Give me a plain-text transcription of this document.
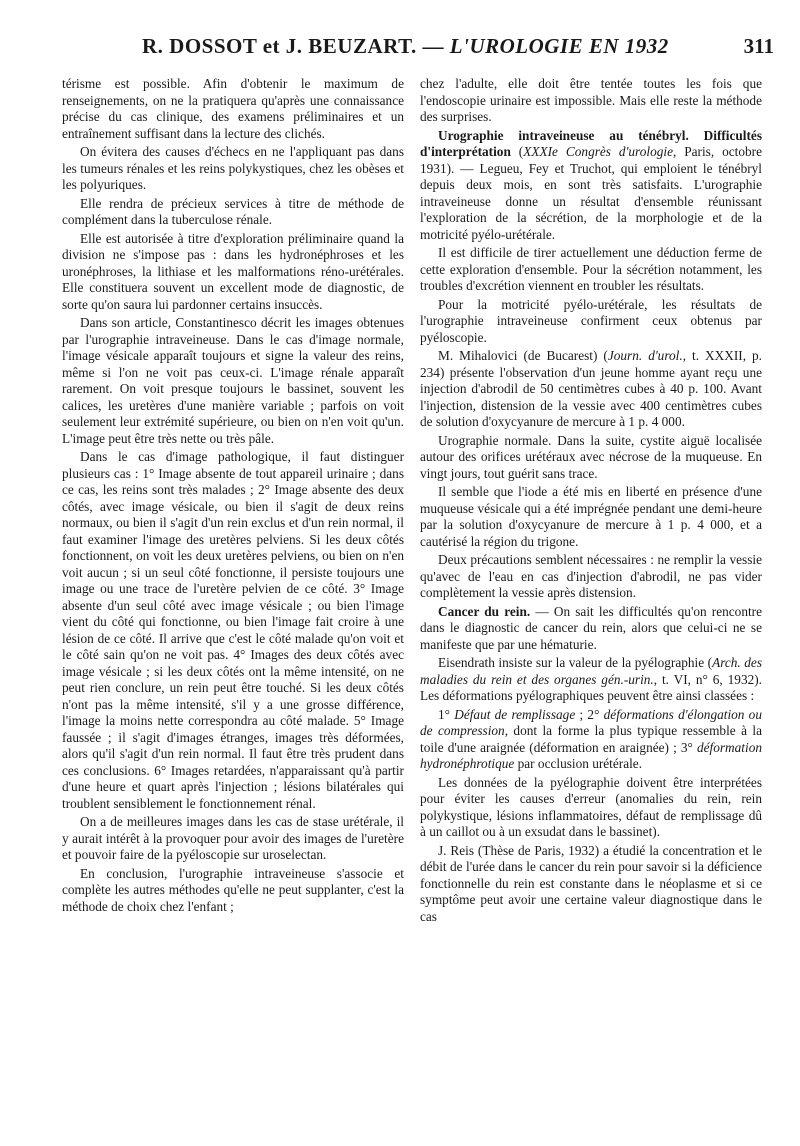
R. DOSSOT et J. BEUZART. — L'UROLOGIE EN 1932	311

térisme est possible. Afin d'obtenir le maximum de renseignements, on ne la pratiquera qu'après une connaissance précise du cas clinique, des examens préliminaires et un entraînement suffisant dans la lecture des clichés.

On évitera des causes d'échecs en ne l'appliquant pas dans les tumeurs rénales et les reins polykystiques, chez les obèses et les polyuriques.

Elle rendra de précieux services à titre de méthode de complément dans la tuberculose rénale.

Elle est autorisée à titre d'exploration préliminaire quand la division ne s'impose pas : dans les hydronéphroses et les uronéphroses, la lithiase et les malformations réno-urétérales. Elle constituera souvent un excellent mode de diagnostic, de sorte qu'on saura lui pardonner certains insuccès.

Dans son article, Constantinesco décrit les images obtenues par l'urographie intraveineuse. Dans le cas d'image normale, l'image vésicale apparaît toujours et signe la valeur des reins, même si l'on ne voit pas ceux-ci. L'image rénale apparaît rarement. On voit presque toujours le bassinet, souvent les calices, les uretères d'une manière variable ; parfois on voit seulement leur extrémité supérieure, ou bien on n'en voit qu'un. L'image peut être très nette ou très pâle.

Dans le cas d'image pathologique, il faut distinguer plusieurs cas : 1° Image absente de tout appareil urinaire ; dans ce cas, les reins sont très malades ; 2° Image absente des deux côtés, avec image vésicale, ou bien il s'agit de deux reins normaux, ou bien il s'agit d'un rein exclus et d'un rein normal, il faut examiner l'image des uretères pelviens. Si les deux côtés fonctionnent, on voit les deux uretères pelviens, ou bien on n'en voit aucun ; si un seul côté fonctionne, il persiste toujours une image ou une trace de l'uretère pelvien de ce côté. 3° Image absente d'un seul côté avec image vésicale ; ou bien l'image vient du côté qui fonctionne, ou bien l'image fait croire à une lésion de ce côté. Il arrive que c'est le côté malade qu'on voit et le côté sain qu'on ne voit pas. 4° Images des deux côtés avec image vésicale ; si les deux côtés ont la même intensité, on ne peut rien conclure, un rein peut être touché. Si les deux côtés n'ont pas la même intensité, s'il y a une grosse différence, l'image la moins nette correspondra au côté malade. 5° Image faussée ; il s'agit d'images étranges, images très déformées, alors qu'il s'agit d'un rein normal. Il faut être très prudent dans ces conclusions. 6° Images retardées, n'apparaissant qu'à partir d'une heure et quart après l'injection ; lésions bilatérales qui troublent sensiblement le fonctionnement rénal.

On a de meilleures images dans les cas de stase urétérale, il y aurait intérêt à la provoquer pour avoir des images de l'uretère et pouvoir faire de la pyéloscopie sur uroselectan.

En conclusion, l'urographie intraveineuse s'associe et complète les autres méthodes qu'elle ne peut supplanter, c'est la méthode de choix chez l'enfant ;

chez l'adulte, elle doit être tentée toutes les fois que l'endoscopie urinaire est impossible. Mais elle reste la méthode des surprises.

Urographie intraveineuse au ténébryl. Difficultés d'interprétation (XXXIe Congrès d'urologie, Paris, octobre 1931). — Legueu, Fey et Truchot, qui emploient le ténébryl depuis deux mois, en sont très satisfaits. L'urographie intraveineuse donne un résultat d'ensemble réunissant l'exploration de la sécrétion, de la morphologie et de la motricité pyélo-urétérale.

Il est difficile de tirer actuellement une déduction ferme de cette exploration d'ensemble. Pour la sécrétion notamment, les troubles d'excrétion viennent en troubler les résultats.

Pour la motricité pyélo-urétérale, les résultats de l'urographie intraveineuse confirment ceux obtenus par pyéloscopie.

M. Mihalovici (de Bucarest) (Journ. d'urol., t. XXXII, p. 234) présente l'observation d'un jeune homme ayant reçu une injection d'abrodil de 50 centimètres cubes à 40 p. 100. Avant l'injection, distension de la vessie avec 400 centimètres cubes de solution d'oxycyanure de mercure à 1 p. 4 000.

Urographie normale. Dans la suite, cystite aiguë localisée autour des orifices urétéraux avec nécrose de la muqueuse. En vingt jours, tout guérit sans trace.

Il semble que l'iode a été mis en liberté en présence d'une muqueuse vésicale qui a été imprégnée pendant une demi-heure par la solution d'oxycyanure de mercure à 1 p. 4 000, et a cautérisé la région du trigone.

Deux précautions semblent nécessaires : ne remplir la vessie qu'avec de l'eau en cas d'injection d'abrodil, ne pas vider complètement la vessie après distension.

Cancer du rein. — On sait les difficultés qu'on rencontre dans le diagnostic de cancer du rein, alors que celui-ci ne se manifeste que par une hématurie.

Eisendrath insiste sur la valeur de la pyélographie (Arch. des maladies du rein et des organes gén.-urin., t. VI, n° 6, 1932). Les déformations pyélographiques peuvent être ainsi classées :

1° Défaut de remplissage ; 2° déformations d'élongation ou de compression, dont la forme la plus typique ressemble à la toile d'une araignée (déformation en araignée) ; 3° déformation hydronéphrotique par occlusion urétérale.

Les données de la pyélographie doivent être interprétées pour éviter les causes d'erreur (anomalies du rein, rein polykystique, lésions inflammatoires, défaut de remplissage dû à un caillot ou à un exsudat dans le bassinet).

J. Reis (Thèse de Paris, 1932) a étudié la concentration et le débit de l'urée dans le cancer du rein pour savoir si la déficience fonctionnelle du rein est constante dans le néoplasme et si ce symptôme peut avoir une certaine valeur diagnostique dans le cas
